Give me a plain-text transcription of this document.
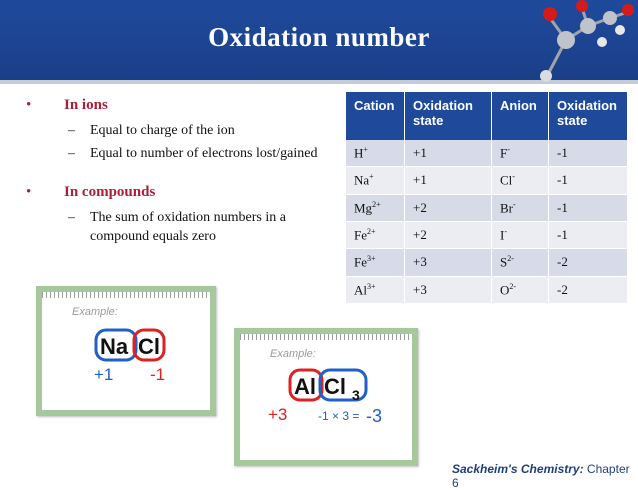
Oxidation number
• In ions
– Equal to charge of the ion
– Equal to number of electrons lost/gained
• In compounds
– The sum of oxidation numbers in a compound equals zero
Cation	Oxidation state	Anion	Oxidation state
H+	+1	F-	-1
Na+	+1	Cl-	-1
$Mg^{2+}$	+2	Br-	-1
$Fe^{2+}$	+2	I-	-1
$Fe^{3+}$	+3	$S^{2-}$	-2
$Al^{3+}$	+3	$O^{2-}$	-2
Example:
Na Cl
+1 -1
Example:
Al Cl 3
+3	-1 × 3 = -3
Sackheim's Chemistry: Chapter 6
